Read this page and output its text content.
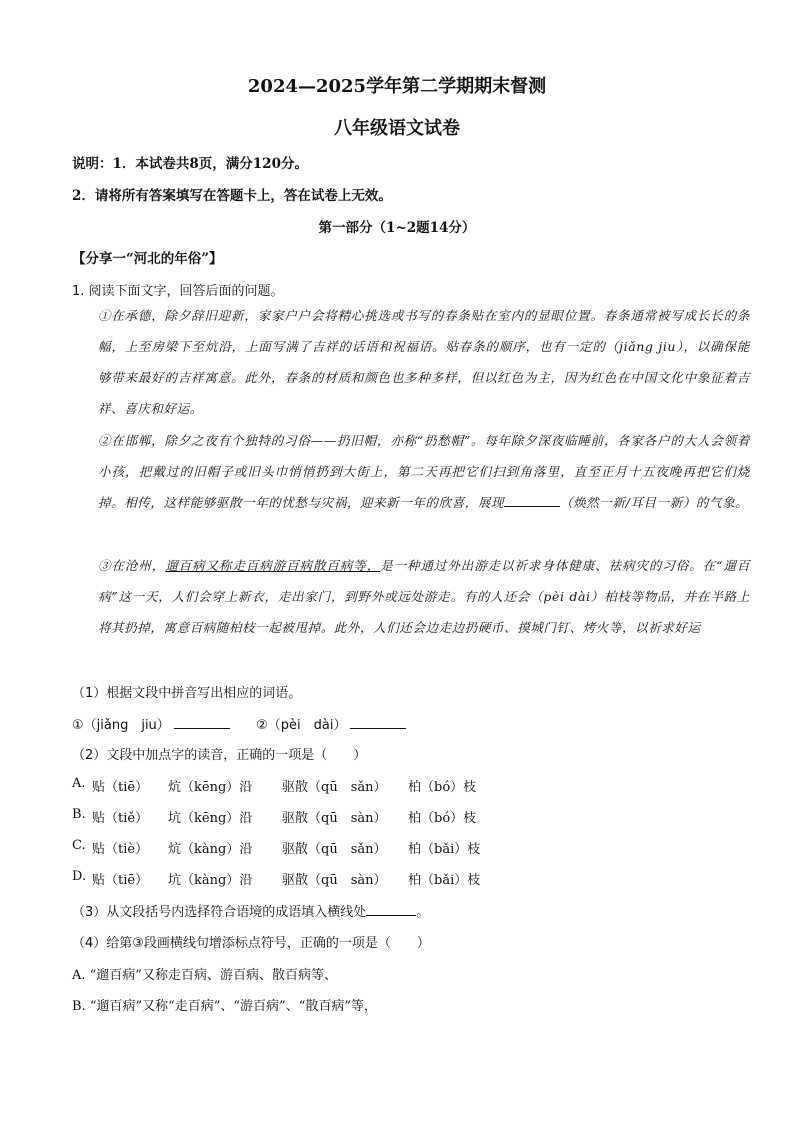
2024—2025学年第二学期期末督测
八年级语文试卷
说明：1．本试卷共8页，满分120分。
2．请将所有答案填写在答题卡上，答在试卷上无效。
第一部分（1~2题14分）
【分享一“河北的年俗”】
1. 阅读下面文字，回答后面的问题。
①在承德，除夕辞旧迎新，家家户户会将精心挑选或书写的春条贴在室内的显眼位置。春条通常被写成长长的条幅，上至房梁下至炕沿，上面写满了吉祥的话语和祝福语。贴春条的顺序，也有一定的（jiǎng jiu），以确保能够带来最好的吉祥寓意。此外，春条的材质和颜色也多种多样，但以红色为主，因为红色在中国文化中象征着吉祥、喜庆和好运。
②在邯郸，除夕之夜有个独特的习俗——扔旧帽，亦称“扔愁帽”。每年除夕深夜临睡前，各家各户的大人会领着小孩，把戴过的旧帽子或旧头巾悄悄扔到大街上，第二天再把它们扫到角落里，直至正月十五夜晚再把它们烧掉。相传，这样能够驱散一年的忧愁与灾祸，迎来新一年的欣喜，展现	（焕然一新/耳目一新）的气象。
③在沧州，遛百病又称走百病游百病散百病等，是一种通过外出游走以祈求身体健康、祛病灾的习俗。在“遛百病”这一天，人们会穿上新衣，走出家门，到野外或远处游走。有的人还会（pèi dài）柏枝等物品，并在半路上将其扔掉，寓意百病随柏枝一起被甩掉。此外，人们还会边走边扔硬币、摸城门钉、烤火等，以祈求好运
（1）根据文段中拼音写出相应的词语。
①（jiǎng　jiu）	②（pèi　dài）
（2）文段中加点字的读音，正确的一项是（　　）
A. 贴（tiē） 炕（kēng）沿 驱散（qū　sǎn） 柏（bó）枝
B. 贴（tiě） 坑（kēng）沿 驱散（qū　sàn） 柏（bó）枝
C. 贴（tiè） 炕（kàng）沿 驱散（qū　sǎn） 柏（bǎi）枝
D. 贴（tiē） 坑（kàng）沿 驱散（qū　sàn） 柏（bǎi）枝
（3）从文段括号内选择符合语境的成语填入横线处	。
（4）给第③段画横线句增添标点符号，正确的一项是（　　）
A. “遛百病”又称走百病、游百病、散百病等、
B. “遛百病”又称“走百病”、“游百病”、“散百病”等，
